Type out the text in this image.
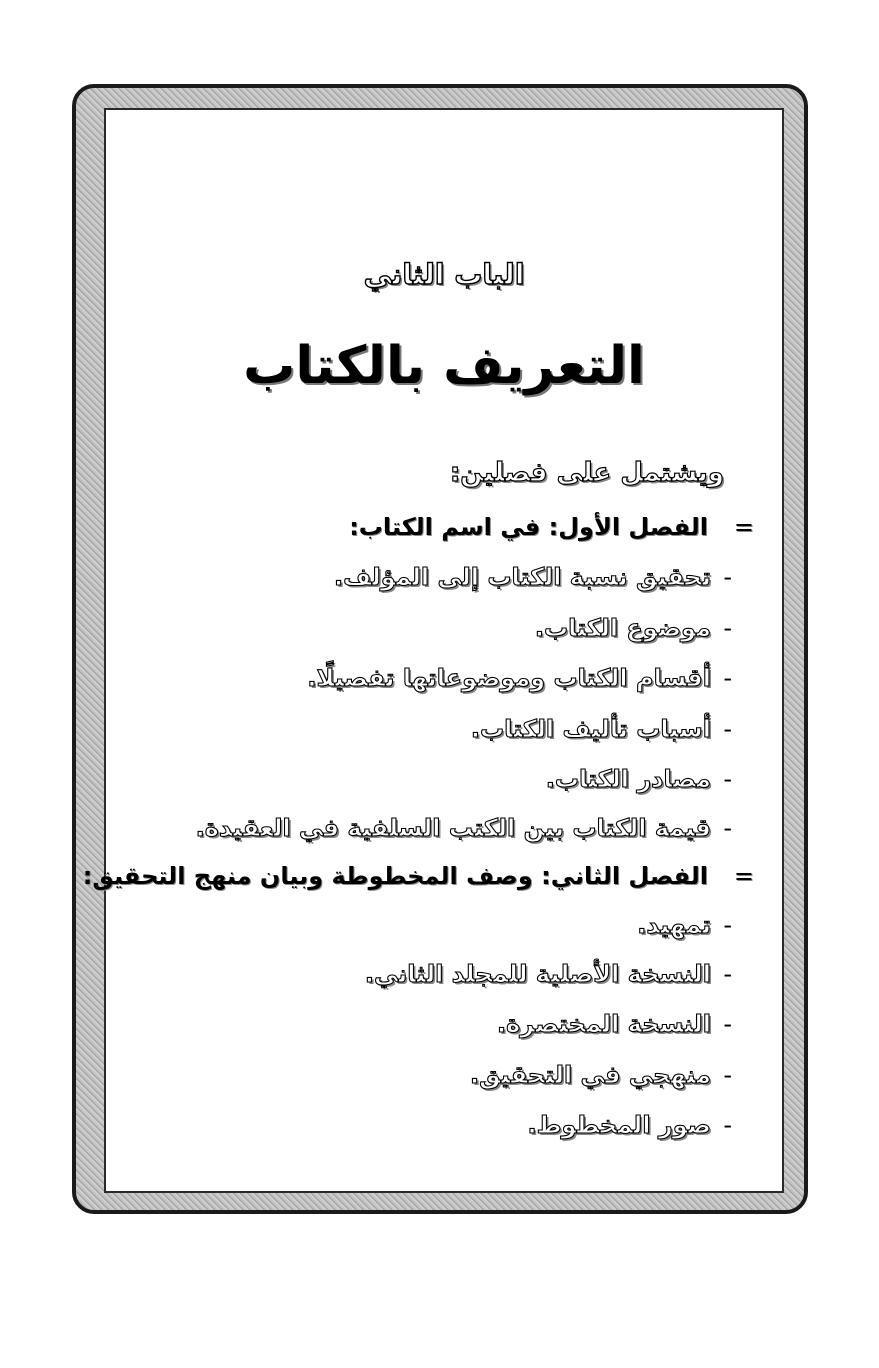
الباب الثاني
التعريف بالكتاب
ويشتمل على فصلين:
=الفصل الأول: في اسم الكتاب:
- تحقيق نسبة الكتاب إلى المؤلف.
- موضوع الكتاب.
- أقسام الكتاب وموضوعاتها تفصيلًا.
- أسباب تأليف الكتاب.
- مصادر الكتاب.
- قيمة الكتاب بين الكتب السلفية في العقيدة.
=الفصل الثاني: وصف المخطوطة وبيان منهج التحقيق:
- تمهيد.
- النسخة الأصلية للمجلد الثاني.
- النسخة المختصرة.
- منهجي في التحقيق.
- صور المخطوط.
